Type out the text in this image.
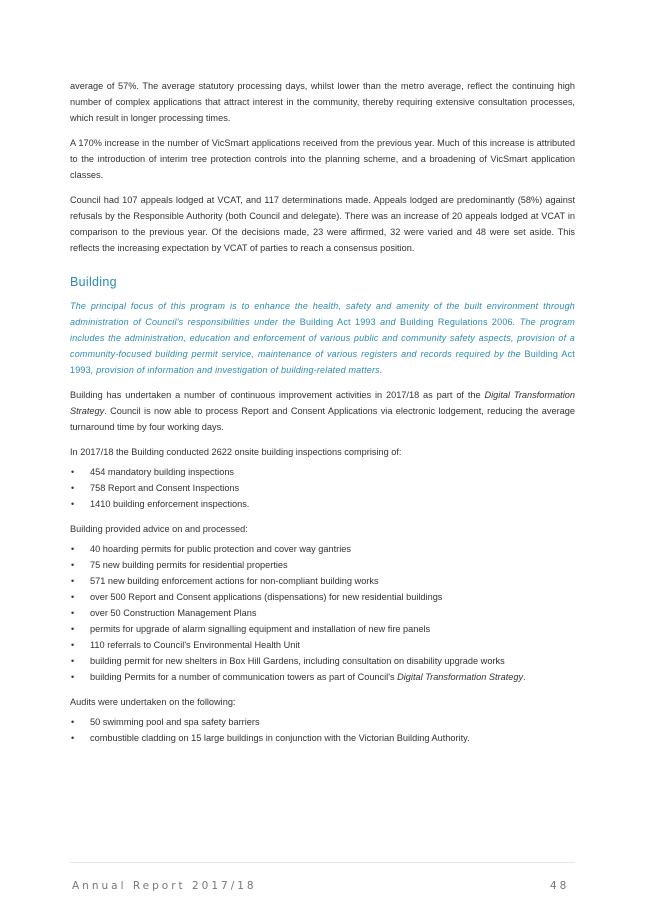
average of 57%. The average statutory processing days, whilst lower than the metro average, reflect the continuing high number of complex applications that attract interest in the community, thereby requiring extensive consultation processes, which result in longer processing times.

A 170% increase in the number of VicSmart applications received from the previous year. Much of this increase is attributed to the introduction of interim tree protection controls into the planning scheme, and a broadening of VicSmart application classes.

Council had 107 appeals lodged at VCAT, and 117 determinations made. Appeals lodged are predominantly (58%) against refusals by the Responsible Authority (both Council and delegate). There was an increase of 20 appeals lodged at VCAT in comparison to the previous year. Of the decisions made, 23 were affirmed, 32 were varied and 48 were set aside. This reflects the increasing expectation by VCAT of parties to reach a consensus position.

Building

The principal focus of this program is to enhance the health, safety and amenity of the built environment through administration of Council's responsibilities under the Building Act 1993 and Building Regulations 2006. The program includes the administration, education and enforcement of various public and community safety aspects, provision of a community-focused building permit service, maintenance of various registers and records required by the Building Act 1993, provision of information and investigation of building-related matters.

Building has undertaken a number of continuous improvement activities in 2017/18 as part of the Digital Transformation Strategy. Council is now able to process Report and Consent Applications via electronic lodgement, reducing the average turnaround time by four working days.

In 2017/18 the Building conducted 2622 onsite building inspections comprising of:

• 454 mandatory building inspections
• 758 Report and Consent Inspections
• 1410 building enforcement inspections.

Building provided advice on and processed:

• 40 hoarding permits for public protection and cover way gantries
• 75 new building permits for residential properties
• 571 new building enforcement actions for non-compliant building works
• over 500 Report and Consent applications (dispensations) for new residential buildings
• over 50 Construction Management Plans
• permits for upgrade of alarm signalling equipment and installation of new fire panels
• 110 referrals to Council's Environmental Health Unit
• building permit for new shelters in Box Hill Gardens, including consultation on disability upgrade works
• building Permits for a number of communication towers as part of Council's Digital Transformation Strategy.

Audits were undertaken on the following:

• 50 swimming pool and spa safety barriers
• combustible cladding on 15 large buildings in conjunction with the Victorian Building Authority.
Annual Report 2017/18	48
